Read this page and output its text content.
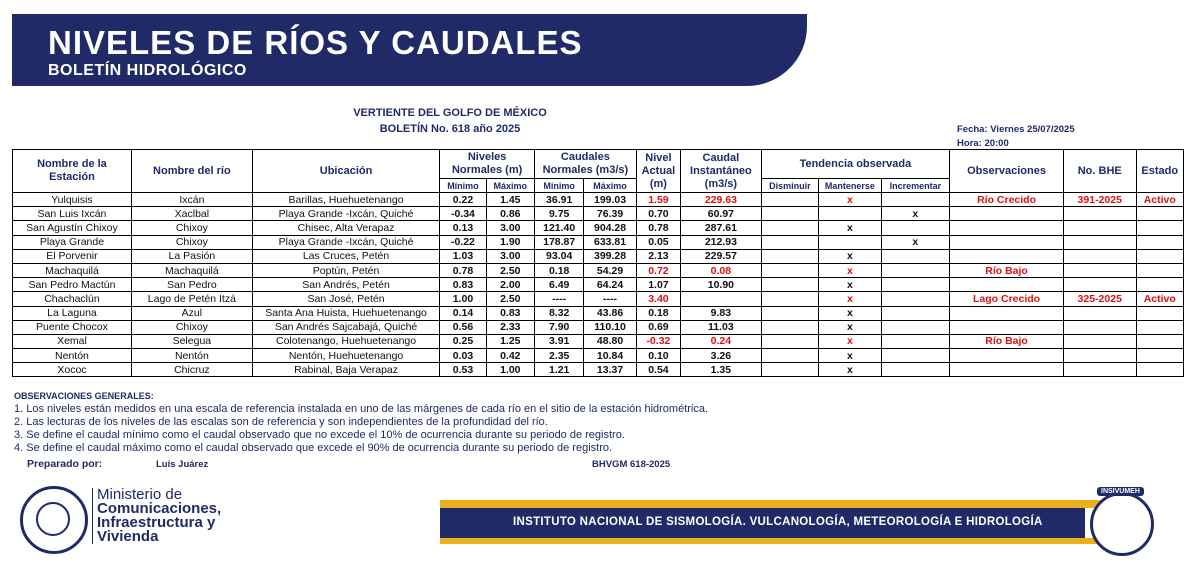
NIVELES DE RÍOS Y CAUDALES
BOLETÍN HIDROLÓGICO
VERTIENTE DEL GOLFO DE MÉXICO
BOLETÍN No. 618 año 2025	Fecha: Viernes 25/07/2025
Hora: 20:00
Nombre de la Estación	Nombre del río	Ubicación	Niveles Normales (m)		Caudales Normales (m3/s)		Nivel Actual (m)	Caudal Instantáneo (m3/s)	Tendencia observada			Observaciones	No. BHE	Estado
			Mínimo	Máximo	Mínimo	Máximo			Disminuir	Mantenerse	Incrementar			
Yulquisis	Ixcán	Barillas, Huehuetenango	0.22	1.45	36.91	199.03	1.59	229.63		x		Río Crecido	391-2025	Activo
San Luis Ixcán	Xaclbal	Playa Grande -Ixcán, Quiché	-0.34	0.86	9.75	76.39	0.70	60.97			x			
San Agustín Chixoy	Chixoy	Chisec, Alta Verapaz	0.13	3.00	121.40	904.28	0.78	287.61		x				
Playa Grande	Chixoy	Playa Grande -Ixcán, Quiché	-0.22	1.90	178.87	633.81	0.05	212.93			x			
El Porvenir	La Pasión	Las Cruces, Petén	1.03	3.00	93.04	399.28	2.13	229.57		x				
Machaquilá	Machaquilá	Poptún, Petén	0.78	2.50	0.18	54.29	0.72	0.08		x		Río Bajo		
San Pedro Mactún	San Pedro	San Andrés, Petén	0.83	2.00	6.49	64.24	1.07	10.90		x				
Chachaclún	Lago de Petén Itzá	San José, Petén	1.00	2.50	----	----	3.40			x		Lago Crecido	325-2025	Activo
La Laguna	Azul	Santa Ana Huista, Huehuetenango	0.14	0.83	8.32	43.86	0.18	9.83		x				
Puente Chocox	Chixoy	San Andrés Sajcabajá, Quiché	0.56	2.33	7.90	110.10	0.69	11.03		x				
Xemal	Selegua	Colotenango, Huehuetenango	0.25	1.25	3.91	48.80	-0.32	0.24		x		Río Bajo		
Nentón	Nentón	Nentón, Huehuetenango	0.03	0.42	2.35	10.84	0.10	3.26		x				
Xococ	Chicruz	Rabinal, Baja Verapaz	0.53	1.00	1.21	13.37	0.54	1.35		x				
OBSERVACIONES GENERALES:
1. Los niveles están medidos en una escala de referencia instalada en uno de las márgenes de cada río en el sitio de la estación hidrométrica.
2. Las lecturas de los niveles de las escalas son de referencia y son independientes de la profundidad del río.
3. Se define el caudal mínimo como el caudal observado que no excede el 10% de ocurrencia durante su periodo de registro.
4. Se define el caudal máximo como el caudal observado que excede el 90% de ocurrencia durante su periodo de registro.
Preparado por:	Luis Juárez	BHVGM 618-2025
Ministerio de
Comunicaciones,
Infraestructura y
Vivienda
INSTITUTO NACIONAL DE SISMOLOGÍA. VULCANOLOGÍA, METEOROLOGÍA E HIDROLOGÍA
INSIVUMEH
